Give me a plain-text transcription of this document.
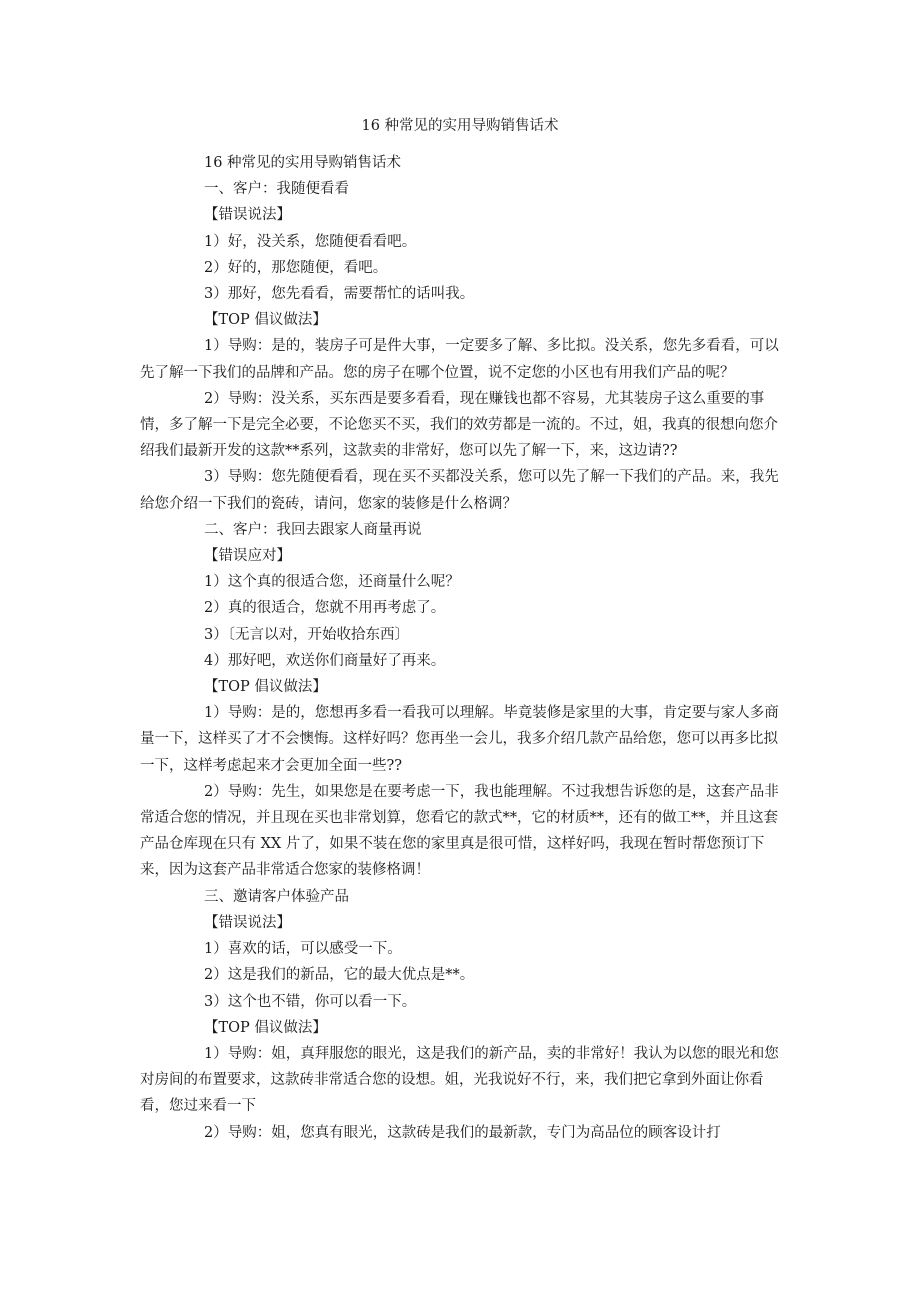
16 种常见的实用导购销售话术

16 种常见的实用导购销售话术

一、客户：我随便看看

【错误说法】

1）好，没关系，您随便看看吧。

2）好的，那您随便，看吧。

3）那好，您先看看，需要帮忙的话叫我。

【TOP 倡议做法】

1）导购：是的，装房子可是件大事，一定要多了解、多比拟。没关系，您先多看看，可以先了解一下我们的品牌和产品。您的房子在哪个位置，说不定您的小区也有用我们产品的呢？

2）导购：没关系，买东西是要多看看，现在赚钱也都不容易，尤其装房子这么重要的事情，多了解一下是完全必要，不论您买不买，我们的效劳都是一流的。不过，姐，我真的很想向您介绍我们最新开发的这款**系列，这款卖的非常好，您可以先了解一下，来，这边请??

3）导购：您先随便看看，现在买不买都没关系，您可以先了解一下我们的产品。来，我先给您介绍一下我们的瓷砖，请问，您家的装修是什么格调？

二、客户：我回去跟家人商量再说

【错误应对】

1）这个真的很适合您，还商量什么呢？

2）真的很适合，您就不用再考虑了。

3）〔无言以对，开始收拾东西〕

4）那好吧，欢送你们商量好了再来。

【TOP 倡议做法】

1）导购：是的，您想再多看一看我可以理解。毕竟装修是家里的大事，肯定要与家人多商量一下，这样买了才不会懊悔。这样好吗？您再坐一会儿，我多介绍几款产品给您，您可以再多比拟一下，这样考虑起来才会更加全面一些??

2）导购：先生，如果您是在要考虑一下，我也能理解。不过我想告诉您的是，这套产品非常适合您的情况，并且现在买也非常划算，您看它的款式**，它的材质**，还有的做工**，并且这套产品仓库现在只有 XX 片了，如果不装在您的家里真是很可惜，这样好吗，我现在暂时帮您预订下来，因为这套产品非常适合您家的装修格调！

三、邀请客户体验产品

【错误说法】

1）喜欢的话，可以感受一下。

2）这是我们的新品，它的最大优点是**。

3）这个也不错，你可以看一下。

【TOP 倡议做法】

1）导购：姐，真拜服您的眼光，这是我们的新产品，卖的非常好！我认为以您的眼光和您对房间的布置要求，这款砖非常适合您的设想。姐，光我说好不行，来，我们把它拿到外面让你看看，您过来看一下

2）导购：姐，您真有眼光，这款砖是我们的最新款，专门为高品位的顾客设计打
